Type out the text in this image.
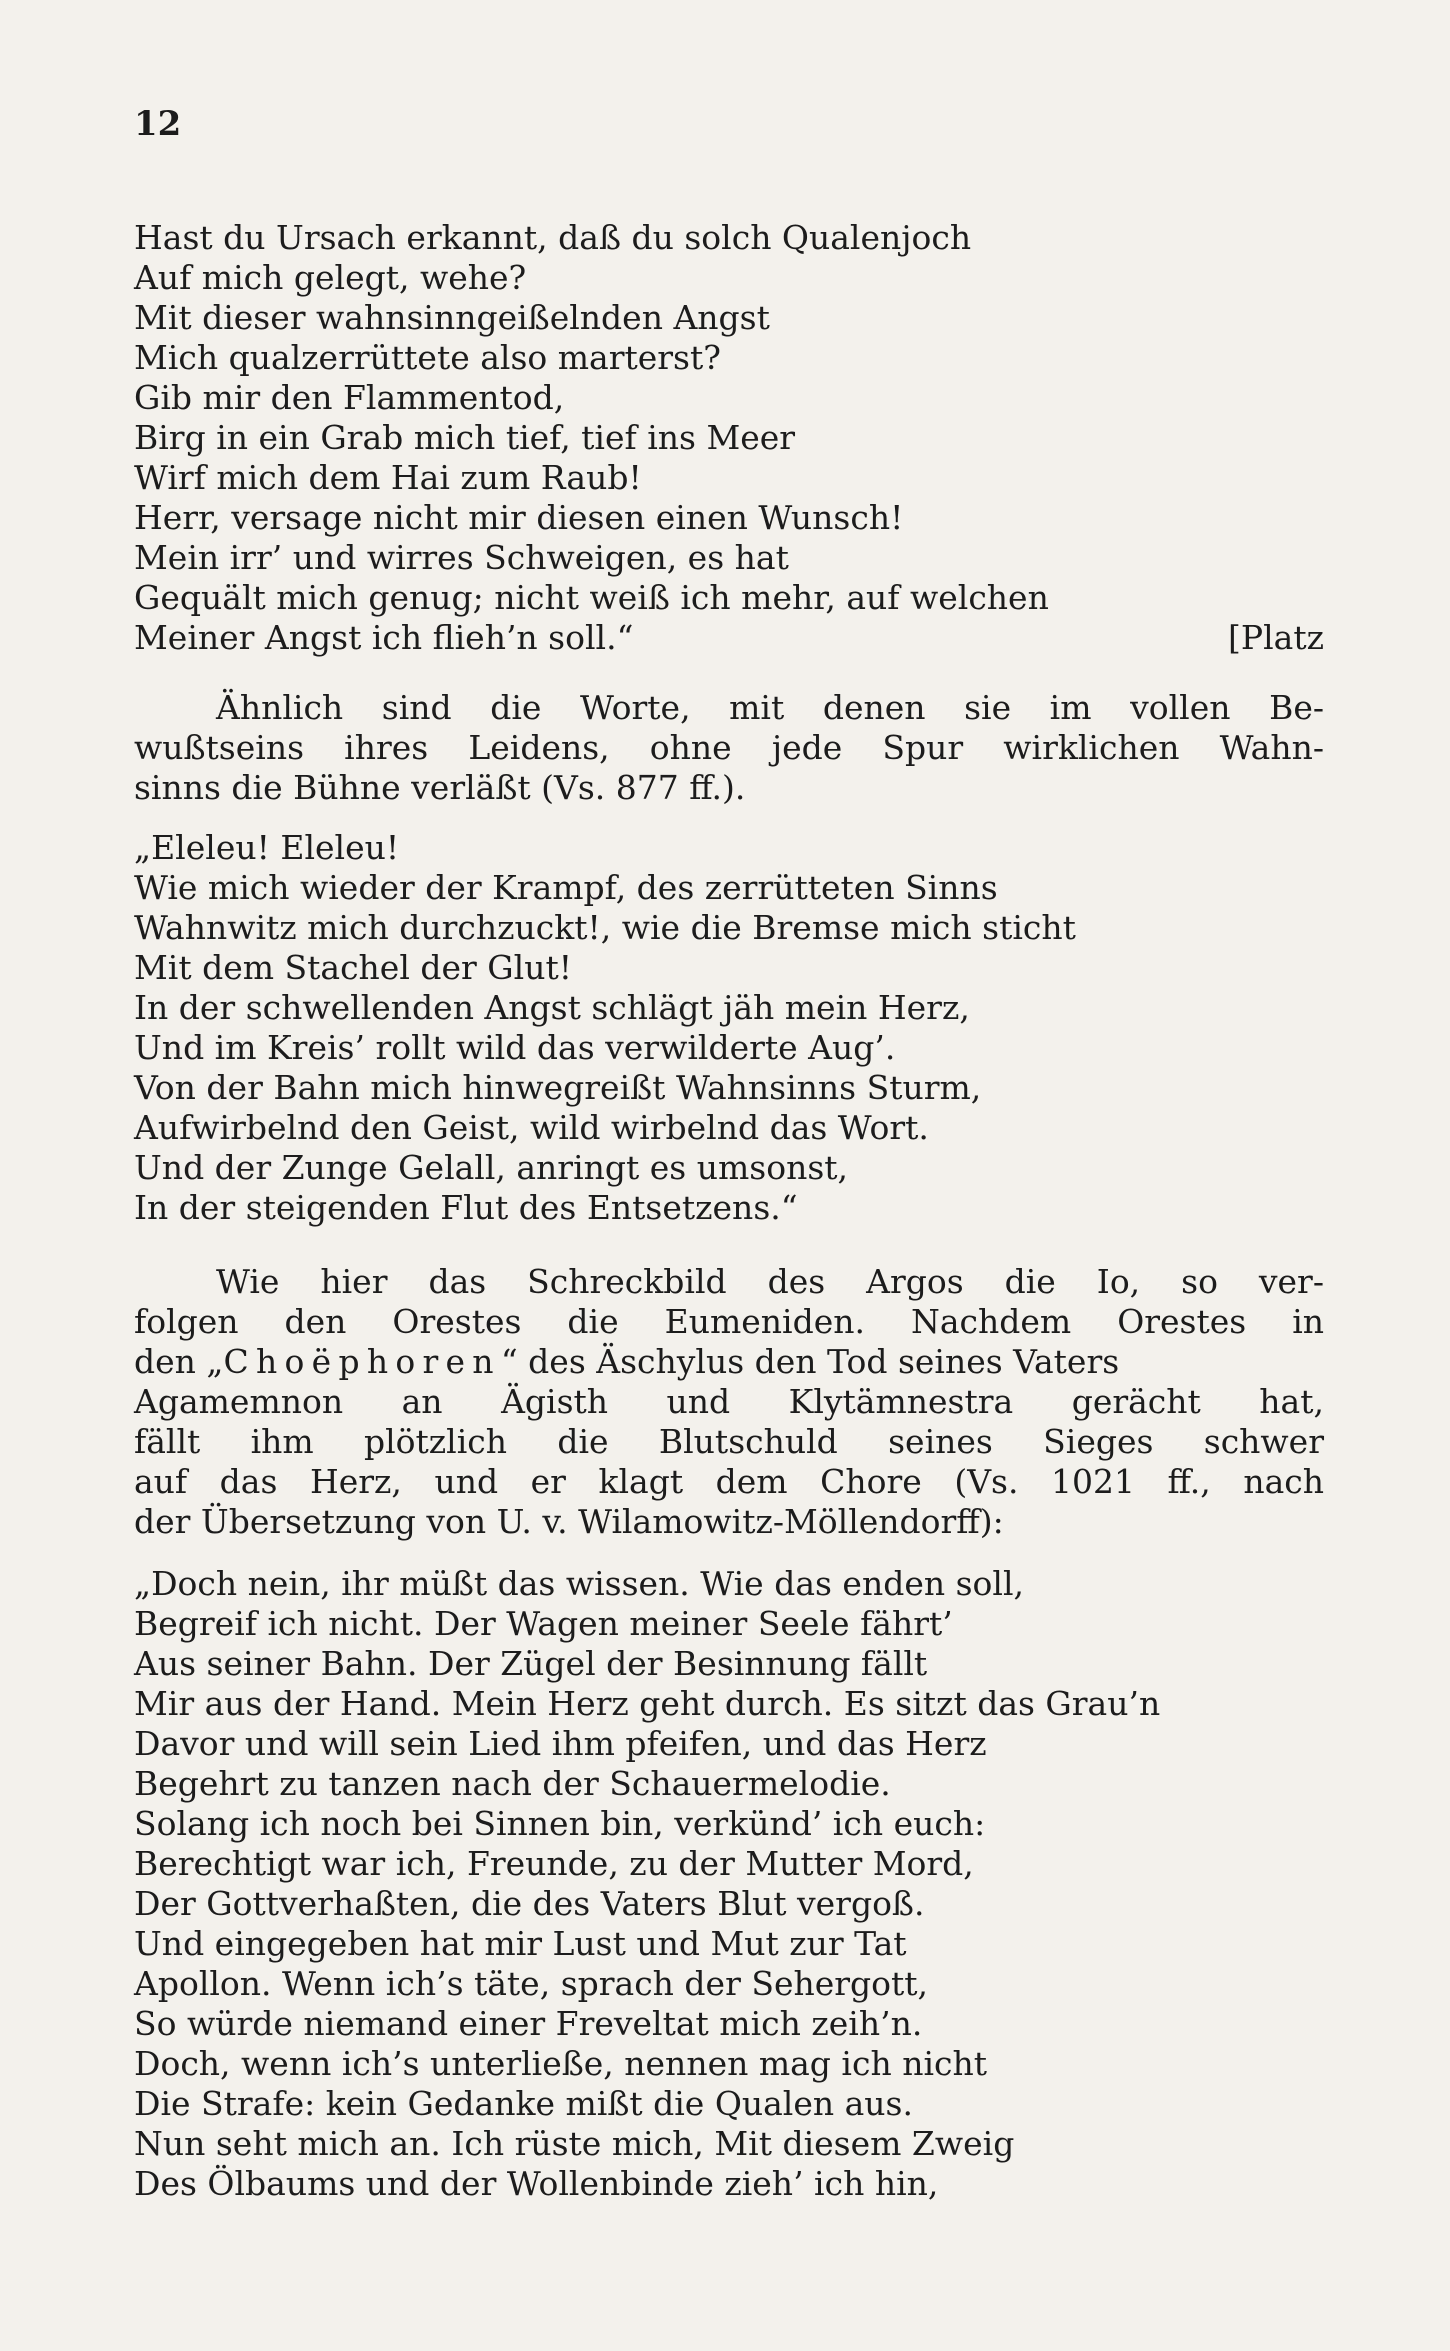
12
Hast du Ursach erkannt, daß du solch Qualenjoch
Auf mich gelegt, wehe?
Mit dieser wahnsinngeißelnden Angst
Mich qualzerrüttete also marterst?
Gib mir den Flammentod,
Birg in ein Grab mich tief, tief ins Meer
Wirf mich dem Hai zum Raub!
Herr, versage nicht mir diesen einen Wunsch!
Mein irr’ und wirres Schweigen, es hat
Gequält mich genug; nicht weiß ich mehr, auf welchen
Meiner Angst ich flieh’n soll.“	[Platz
Ähnlich sind die Worte, mit denen sie im vollen Be-
wußtseins ihres Leidens, ohne jede Spur wirklichen Wahn-
sinns die Bühne verläßt (Vs. 877 ff.).
„Eleleu! Eleleu!
Wie mich wieder der Krampf, des zerrütteten Sinns
Wahnwitz mich durchzuckt!, wie die Bremse mich sticht
Mit dem Stachel der Glut!
In der schwellenden Angst schlägt jäh mein Herz,
Und im Kreis’ rollt wild das verwilderte Aug’.
Von der Bahn mich hinwegreißt Wahnsinns Sturm,
Aufwirbelnd den Geist, wild wirbelnd das Wort.
Und der Zunge Gelall, anringt es umsonst,
In der steigenden Flut des Entsetzens.“
Wie hier das Schreckbild des Argos die Io, so ver-
folgen den Orestes die Eumeniden. Nachdem Orestes in
den „Choëphoren“ des Äschylus den Tod seines Vaters
Agamemnon an Ägisth und Klytämnestra gerächt hat,
fällt ihm plötzlich die Blutschuld seines Sieges schwer
auf das Herz, und er klagt dem Chore (Vs. 1021 ff., nach
der Übersetzung von U. v. Wilamowitz-Möllendorff):
„Doch nein, ihr müßt das wissen. Wie das enden soll,
Begreif ich nicht. Der Wagen meiner Seele fährt’
Aus seiner Bahn. Der Zügel der Besinnung fällt
Mir aus der Hand. Mein Herz geht durch. Es sitzt das Grau’n
Davor und will sein Lied ihm pfeifen, und das Herz
Begehrt zu tanzen nach der Schauermelodie.
Solang ich noch bei Sinnen bin, verkünd’ ich euch:
Berechtigt war ich, Freunde, zu der Mutter Mord,
Der Gottverhaßten, die des Vaters Blut vergoß.
Und eingegeben hat mir Lust und Mut zur Tat
Apollon. Wenn ich’s täte, sprach der Sehergott,
So würde niemand einer Freveltat mich zeih’n.
Doch, wenn ich’s unterließe, nennen mag ich nicht
Die Strafe: kein Gedanke mißt die Qualen aus.
Nun seht mich an. Ich rüste mich, Mit diesem Zweig
Des Ölbaums und der Wollenbinde zieh’ ich hin,
